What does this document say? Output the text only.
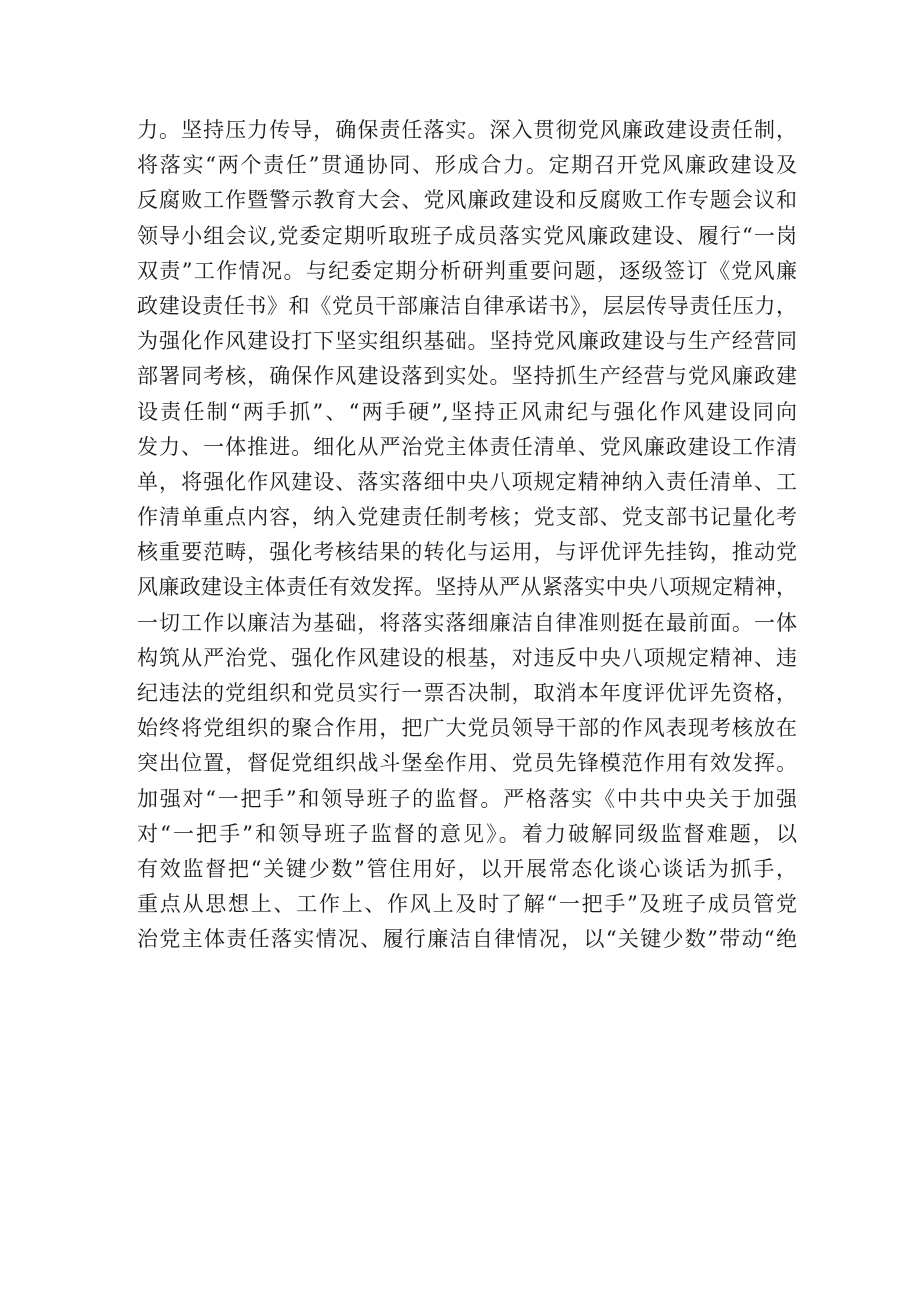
力。坚持压力传导，确保责任落实。深入贯彻党风廉政建设责任制，
将落实“两个责任”贯通协同、形成合力。定期召开党风廉政建设及
反腐败工作暨警示教育大会、党风廉政建设和反腐败工作专题会议和
领导小组会议,党委定期听取班子成员落实党风廉政建设、履行“一岗
双责”工作情况。与纪委定期分析研判重要问题，逐级签订《党风廉
政建设责任书》和《党员干部廉洁自律承诺书》，层层传导责任压力，
为强化作风建设打下坚实组织基础。坚持党风廉政建设与生产经营同
部署同考核，确保作风建设落到实处。坚持抓生产经营与党风廉政建
设责任制“两手抓”、“两手硬”,坚持正风肃纪与强化作风建设同向
发力、一体推进。细化从严治党主体责任清单、党风廉政建设工作清
单，将强化作风建设、落实落细中央八项规定精神纳入责任清单、工
作清单重点内容，纳入党建责任制考核；党支部、党支部书记量化考
核重要范畴，强化考核结果的转化与运用，与评优评先挂钩，推动党
风廉政建设主体责任有效发挥。坚持从严从紧落实中央八项规定精神，
一切工作以廉洁为基础，将落实落细廉洁自律准则挺在最前面。一体
构筑从严治党、强化作风建设的根基，对违反中央八项规定精神、违
纪违法的党组织和党员实行一票否决制，取消本年度评优评先资格，
始终将党组织的聚合作用，把广大党员领导干部的作风表现考核放在
突出位置，督促党组织战斗堡垒作用、党员先锋模范作用有效发挥。
加强对“一把手”和领导班子的监督。严格落实《中共中央关于加强
对“一把手”和领导班子监督的意见》。着力破解同级监督难题，以
有效监督把“关键少数”管住用好，以开展常态化谈心谈话为抓手，
重点从思想上、工作上、作风上及时了解“一把手”及班子成员管党
治党主体责任落实情况、履行廉洁自律情况，以“关键少数”带动“绝
